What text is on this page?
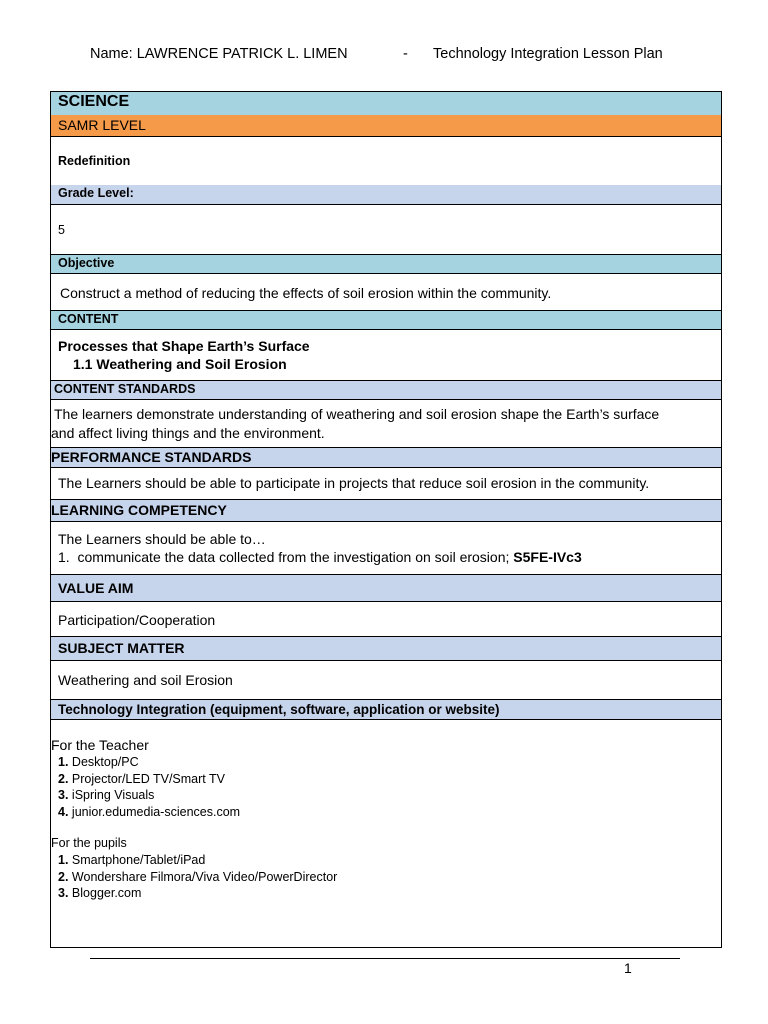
Name: LAWRENCE PATRICK L. LIMEN	- Technology Integration Lesson Plan
SCIENCE
SAMR LEVEL
Redefinition
Grade Level:
5
Objective
Construct a method of reducing the effects of soil erosion within the community.
CONTENT
Processes that Shape Earth’s Surface
1.1 Weathering and Soil Erosion
CONTENT STANDARDS
The learners demonstrate understanding of weathering and soil erosion shape the Earth’s surface
and affect living things and the environment.
PERFORMANCE STANDARDS
The Learners should be able to participate in projects that reduce soil erosion in the community.
LEARNING COMPETENCY
The Learners should be able to…
1. communicate the data collected from the investigation on soil erosion; S5FE-IVc3
VALUE AIM
Participation/Cooperation
SUBJECT MATTER
Weathering and soil Erosion
Technology Integration (equipment, software, application or website)
For the Teacher
1. Desktop/PC
2. Projector/LED TV/Smart TV
3. iSpring Visuals
4. junior.edumedia-sciences.com
For the pupils
1. Smartphone/Tablet/iPad
2. Wondershare Filmora/Viva Video/PowerDirector
3. Blogger.com
1
